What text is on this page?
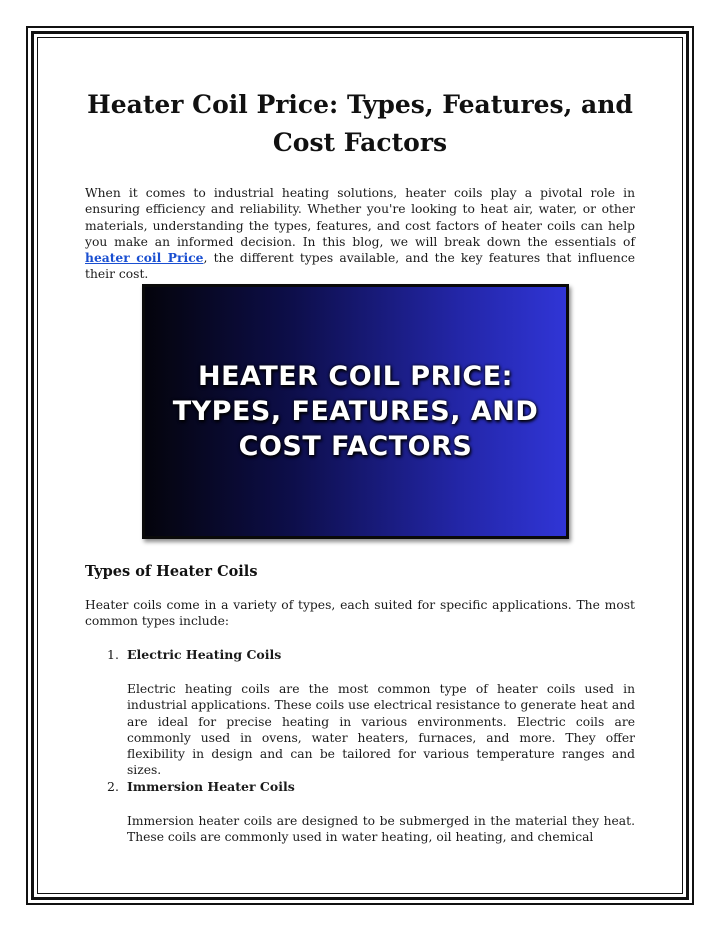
Heater Coil Price: Types, Features, and Cost Factors

When it comes to industrial heating solutions, heater coils play a pivotal role in ensuring efficiency and reliability. Whether you're looking to heat air, water, or other materials, understanding the types, features, and cost factors of heater coils can help you make an informed decision. In this blog, we will break down the essentials of heater coil Price, the different types available, and the key features that influence their cost.

HEATER COIL PRICE:
TYPES, FEATURES, AND
COST FACTORS
Types of Heater Coils

Heater coils come in a variety of types, each suited for specific applications. The most common types include:

1. Electric Heating Coils

Electric heating coils are the most common type of heater coils used in industrial applications. These coils use electrical resistance to generate heat and are ideal for precise heating in various environments. Electric coils are commonly used in ovens, water heaters, furnaces, and more. They offer flexibility in design and can be tailored for various temperature ranges and sizes.

2. Immersion Heater Coils

Immersion heater coils are designed to be submerged in the material they heat. These coils are commonly used in water heating, oil heating, and chemical
